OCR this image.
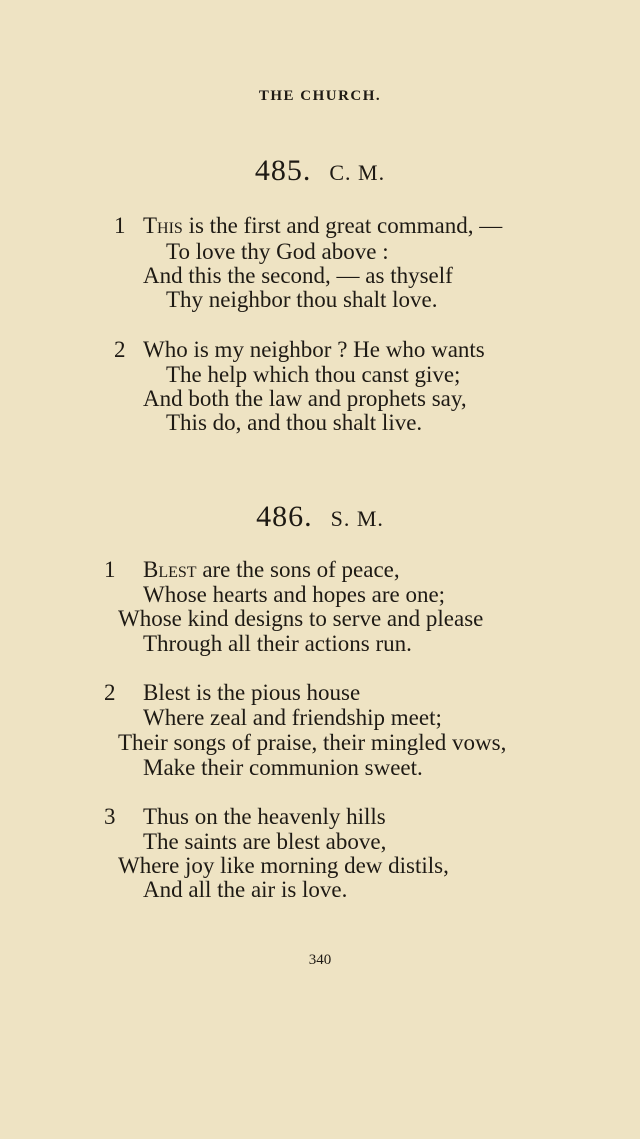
THE CHURCH.
485. C. M.
1 This is the first and great command, —
To love thy God above :
And this the second, — as thyself
Thy neighbor thou shalt love.
2 Who is my neighbor ? He who wants
The help which thou canst give;
And both the law and prophets say,
This do, and thou shalt live.
486. S. M.
1 Blest are the sons of peace,
Whose hearts and hopes are one;
Whose kind designs to serve and please
Through all their actions run.
2 Blest is the pious house
Where zeal and friendship meet;
Their songs of praise, their mingled vows,
Make their communion sweet.
3 Thus on the heavenly hills
The saints are blest above,
Where joy like morning dew distils,
And all the air is love.
340
